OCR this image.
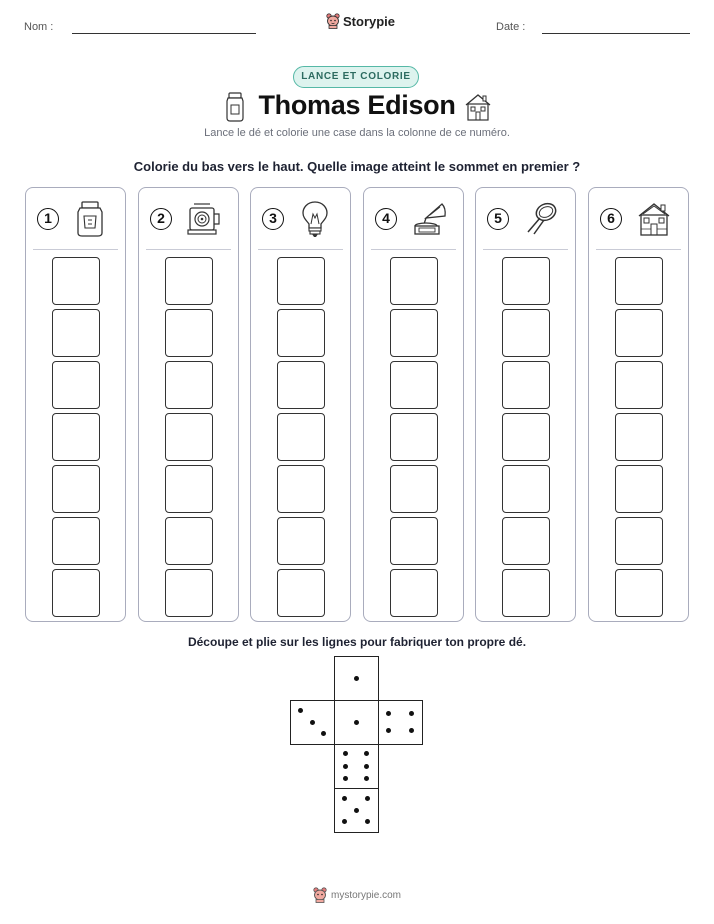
Nom :	Storypie	Date :
LANCE ET COLORIE
Thomas Edison
Lance le dé et colorie une case dans la colonne de ce numéro.
Colorie du bas vers le haut. Quelle image atteint le sommet en premier ?
1	2	3	4	5	6
Découpe et plie sur les lignes pour fabriquer ton propre dé.
mystorypie.com
